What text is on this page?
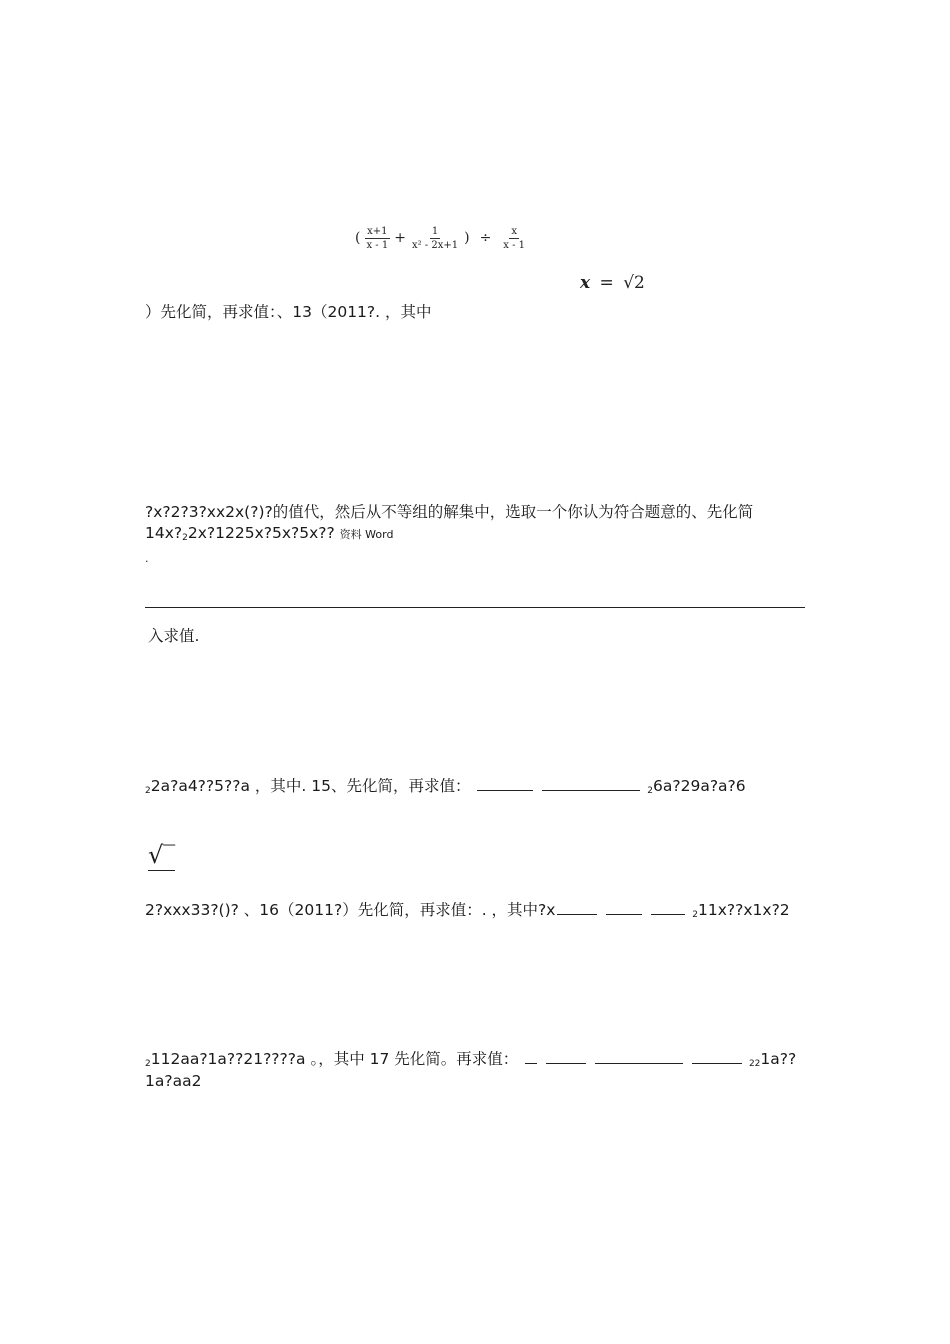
( $\frac{x+1}{x - 1} + \frac{1}{\text{x² - 2x+1}}$ ) ÷ $\frac{x}{x - 1}$
x = √2
）先化简，再求值：、13（2011?. ，其中
?x?2?3?xx2x(?)?的值代，然后从不等组的解集中，选取一个你认为符合题意的、先化简
14x?22x?1225x?5x?5x?? 资料 Word
.
入求值.
22a?a4??5??a ，其中. 15、先化简，再求值：	26a?29a?a?6
√‾
2?xxx33?()? 、16（2011?）先化简，再求值：. ，其中?x	211x??x1x?2
2112aa?1a??21????a 。，其中 17 先化简。再求值：	221a??
1a?aa2
